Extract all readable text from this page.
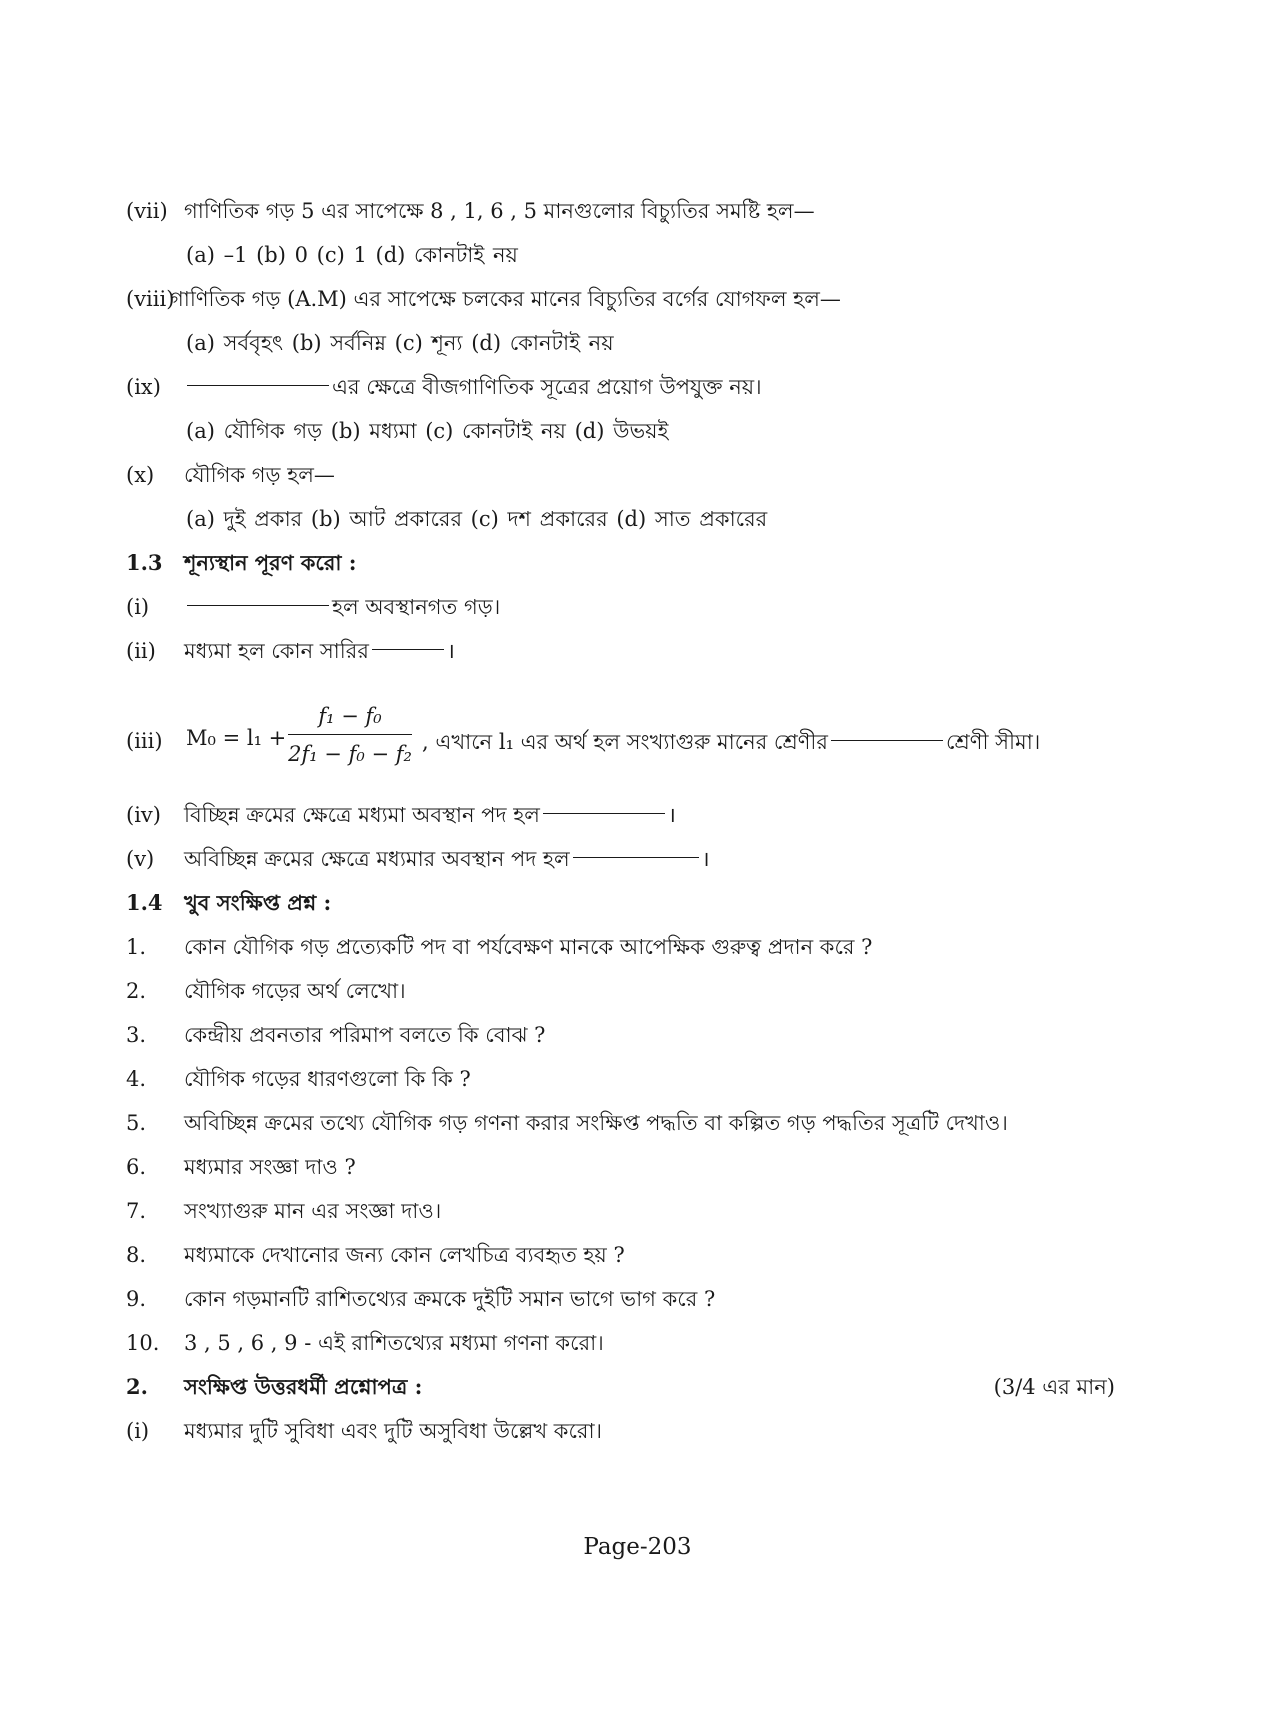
(vii) গাণিতিক গড় 5 এর সাপেক্ষে 8 , 1, 6 , 5 মানগুলোর বিচ্যুতির সমষ্টি হল—
(a) –1 (b) 0 (c) 1 (d) কোনটাই নয়
(viii)
গাণিতিক গড় (A.M) এর সাপেক্ষে চলকের মানের বিচ্যুতির বর্গের যোগফল হল—
(a) সর্ববৃহৎ (b) সর্বনিম্ন (c) শূন্য (d) কোনটাই নয়
(ix)	এর ক্ষেত্রে বীজগাণিতিক সূত্রের প্রয়োগ উপযুক্ত নয়।
(a) যৌগিক গড় (b) মধ্যমা (c) কোনটাই নয় (d) উভয়ই
(x) যৌগিক গড় হল—
(a) দুই প্রকার (b) আট প্রকারের (c) দশ প্রকারের (d) সাত প্রকারের
1.3 শূন্যস্থান পূরণ করো :
(i)	হল অবস্থানগত গড়।
(ii) মধ্যমা হল কোন সারির	।
(iii) M₀ = l₁ +
f₁ − f₀
2f₁ − f₀ − f₂ , এখানে l₁ এর অর্থ হল সংখ্যাগুরু মানের শ্রেণীর	শ্রেণী সীমা।
(iv) বিচ্ছিন্ন ক্রমের ক্ষেত্রে মধ্যমা অবস্থান পদ হল	।
(v) অবিচ্ছিন্ন ক্রমের ক্ষেত্রে মধ্যমার অবস্থান পদ হল	।
1.4 খুব সংক্ষিপ্ত প্রশ্ন :
1. কোন যৌগিক গড় প্রত্যেকটি পদ বা পর্যবেক্ষণ মানকে আপেক্ষিক গুরুত্ব প্রদান করে ?
2. যৌগিক গড়ের অর্থ লেখো।
3. কেন্দ্রীয় প্রবনতার পরিমাপ বলতে কি বোঝ ?
4. যৌগিক গড়ের ধারণগুলো কি কি ?
5. অবিচ্ছিন্ন ক্রমের তথ্যে যৌগিক গড় গণনা করার সংক্ষিপ্ত পদ্ধতি বা কল্পিত গড় পদ্ধতির সূত্রটি দেখাও।
6. মধ্যমার সংজ্ঞা দাও ?
7. সংখ্যাগুরু মান এর সংজ্ঞা দাও।
8. মধ্যমাকে দেখানোর জন্য কোন লেখচিত্র ব্যবহৃত হয় ?
9. কোন গড়মানটি রাশিতথ্যের ক্রমকে দুইটি সমান ভাগে ভাগ করে ?
10. 3 , 5 , 6 , 9 - এই রাশিতথ্যের মধ্যমা গণনা করো।
2. সংক্ষিপ্ত উত্তরধর্মী প্রশ্নোপত্র :	(3/4 এর মান)
(i) মধ্যমার দুটি সুবিধা এবং দুটি অসুবিধা উল্লেখ করো।
Page-203
